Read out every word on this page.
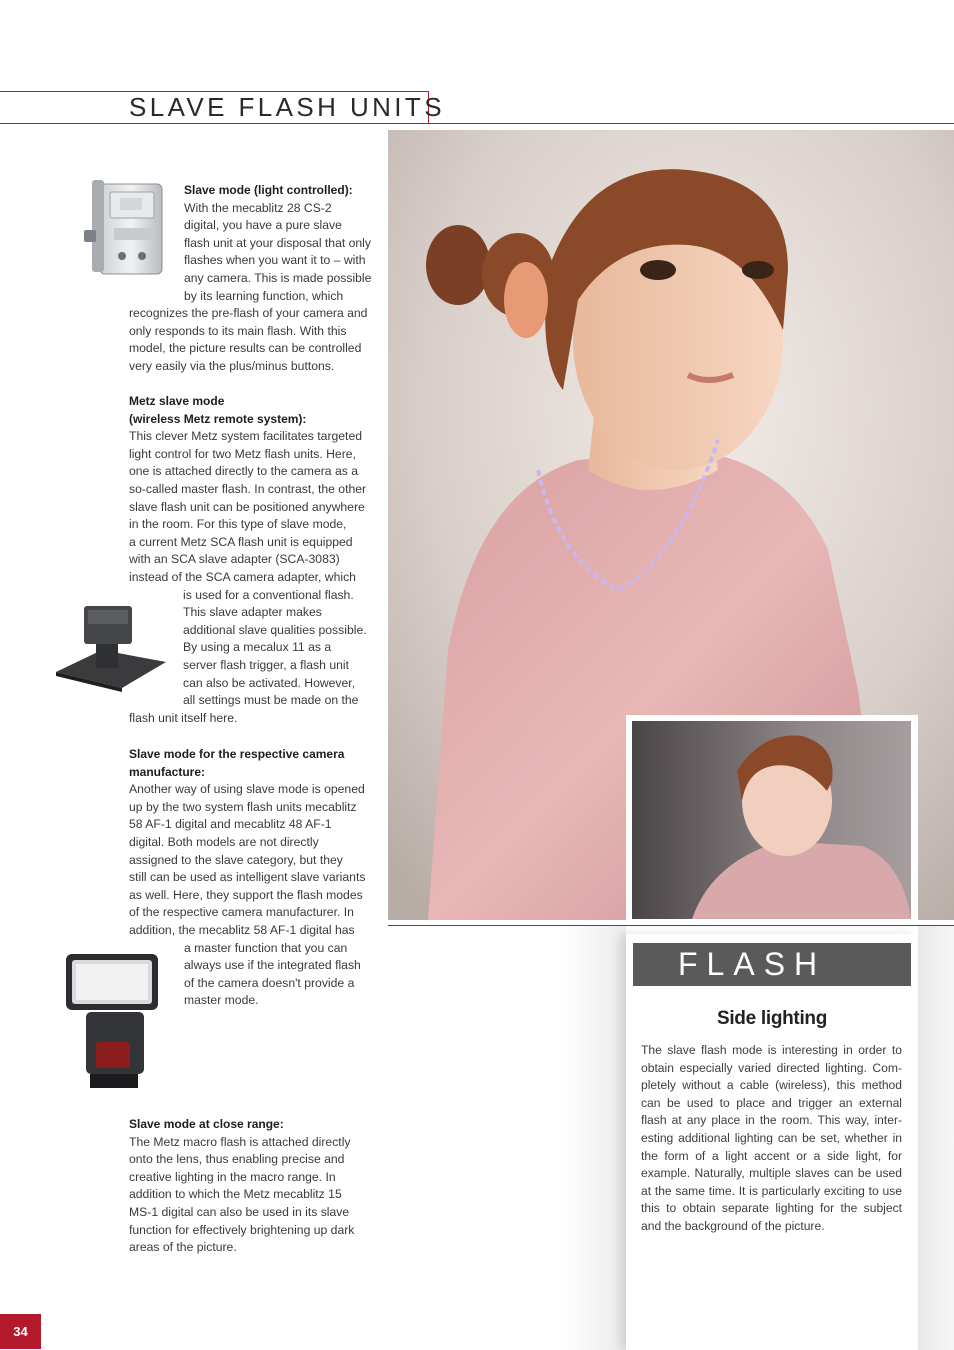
SLAVE FLASH UNITS

Slave mode (light controlled):

With the mecablitz 28 CS-2

digital, you have a pure slave

flash unit at your disposal that only

flashes when you want it to – with

any camera. This is made possible

by its learning function, which

recognizes the pre-flash of your camera and

only responds to its main flash. With this

model, the picture results can be controlled

very easily via the plus/minus buttons.

Metz slave mode

(wireless Metz remote system):

This clever Metz system facilitates targeted

light control for two Metz flash units. Here,

one is attached directly to the camera as a

so-called master flash. In contrast, the other

slave flash unit can be positioned anywhere

in the room. For this type of slave mode,

a current Metz SCA flash unit is equipped

with an SCA slave adapter (SCA-3083)

instead of the SCA camera adapter, which

is used for a conventional flash.

This slave adapter makes

additional slave qualities possible.

By using a mecalux 11 as a

server flash trigger, a flash unit

can also be activated. However,

all settings must be made on the

flash unit itself here.

Slave mode for the respective camera

manufacture:

Another way of using slave mode is opened

up by the two system flash units mecablitz

58 AF-1 digital and mecablitz 48 AF-1

digital. Both models are not directly

assigned to the slave category, but they

still can be used as intelligent slave variants

as well. Here, they support the flash modes

of the respective camera manufacturer. In

addition, the mecablitz 58 AF-1 digital has

a master function that you can

always use if the integrated flash

of the camera doesn't provide a

master mode.

Slave mode at close range:

The Metz macro flash is attached directly

onto the lens, thus enabling precise and

creative lighting in the macro range. In

addition to which the Metz mecablitz 15

MS-1 digital can also be used in its slave

function for effectively brightening up dark

areas of the picture.

FLASH TIP
Side lighting
The slave flash mode is interesting in order to obtain especially varied directed lighting. Com- pletely without a cable (wireless), this method can be used to place and trigger an external flash at any place in the room. This way, inter- esting additional lighting can be set, whether in the form of a light accent or a side light, for example. Naturally, multiple slaves can be used at the same time. It is particularly exciting to use this to obtain separate lighting for the subject and the background of the picture.
34
